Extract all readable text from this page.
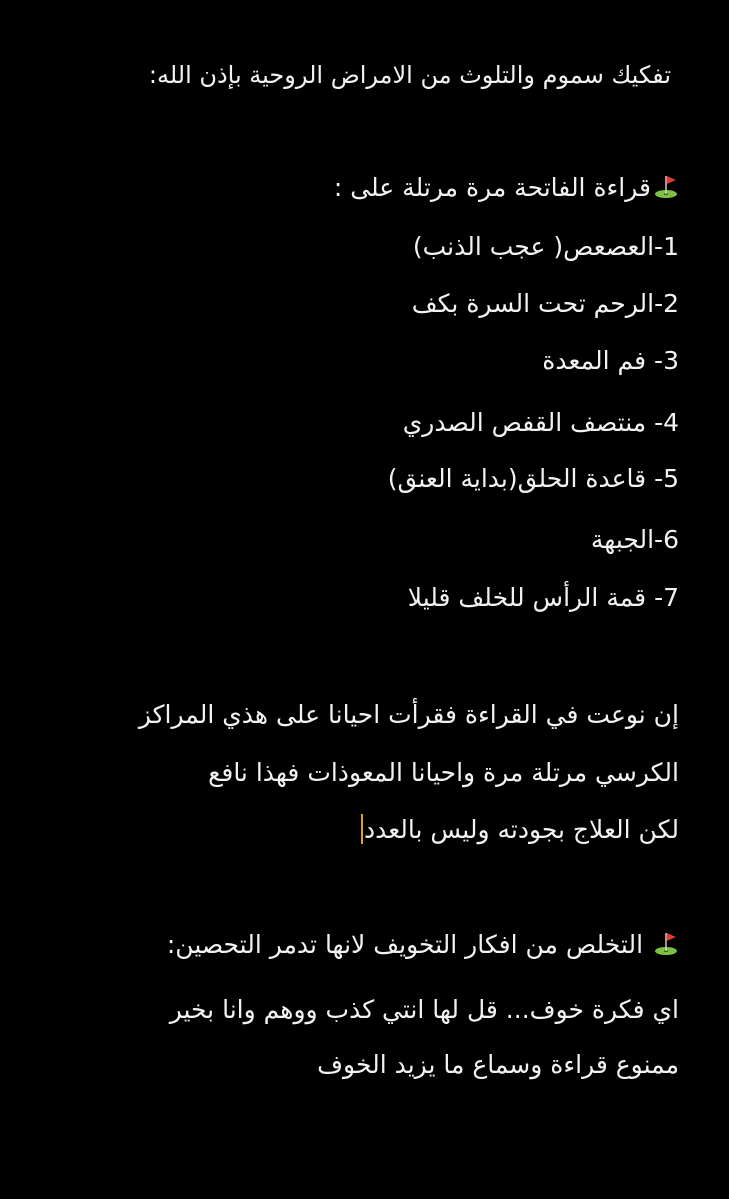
تفكيك سموم والتلوث من الامراض الروحية بإذن الله:
قراءة الفاتحة مرة مرتلة على :
1-العصعص( عجب الذنب)
2-الرحم تحت السرة بكف
3- فم المعدة
4- منتصف القفص الصدري
5- قاعدة الحلق(بداية العنق)
6-الجبهة
7- قمة الرأس للخلف قليلا
إن نوعت في القراءة فقرأت احيانا على هذي المراكز
الكرسي مرتلة مرة واحيانا المعوذات فهذا نافع
لكن العلاج بجودته وليس بالعدد
التخلص من افكار التخويف لانها تدمر التحصين:
اي فكرة خوف... قل لها انتي كذب ووهم وانا بخير
ممنوع قراءة وسماع ما يزيد الخوف
